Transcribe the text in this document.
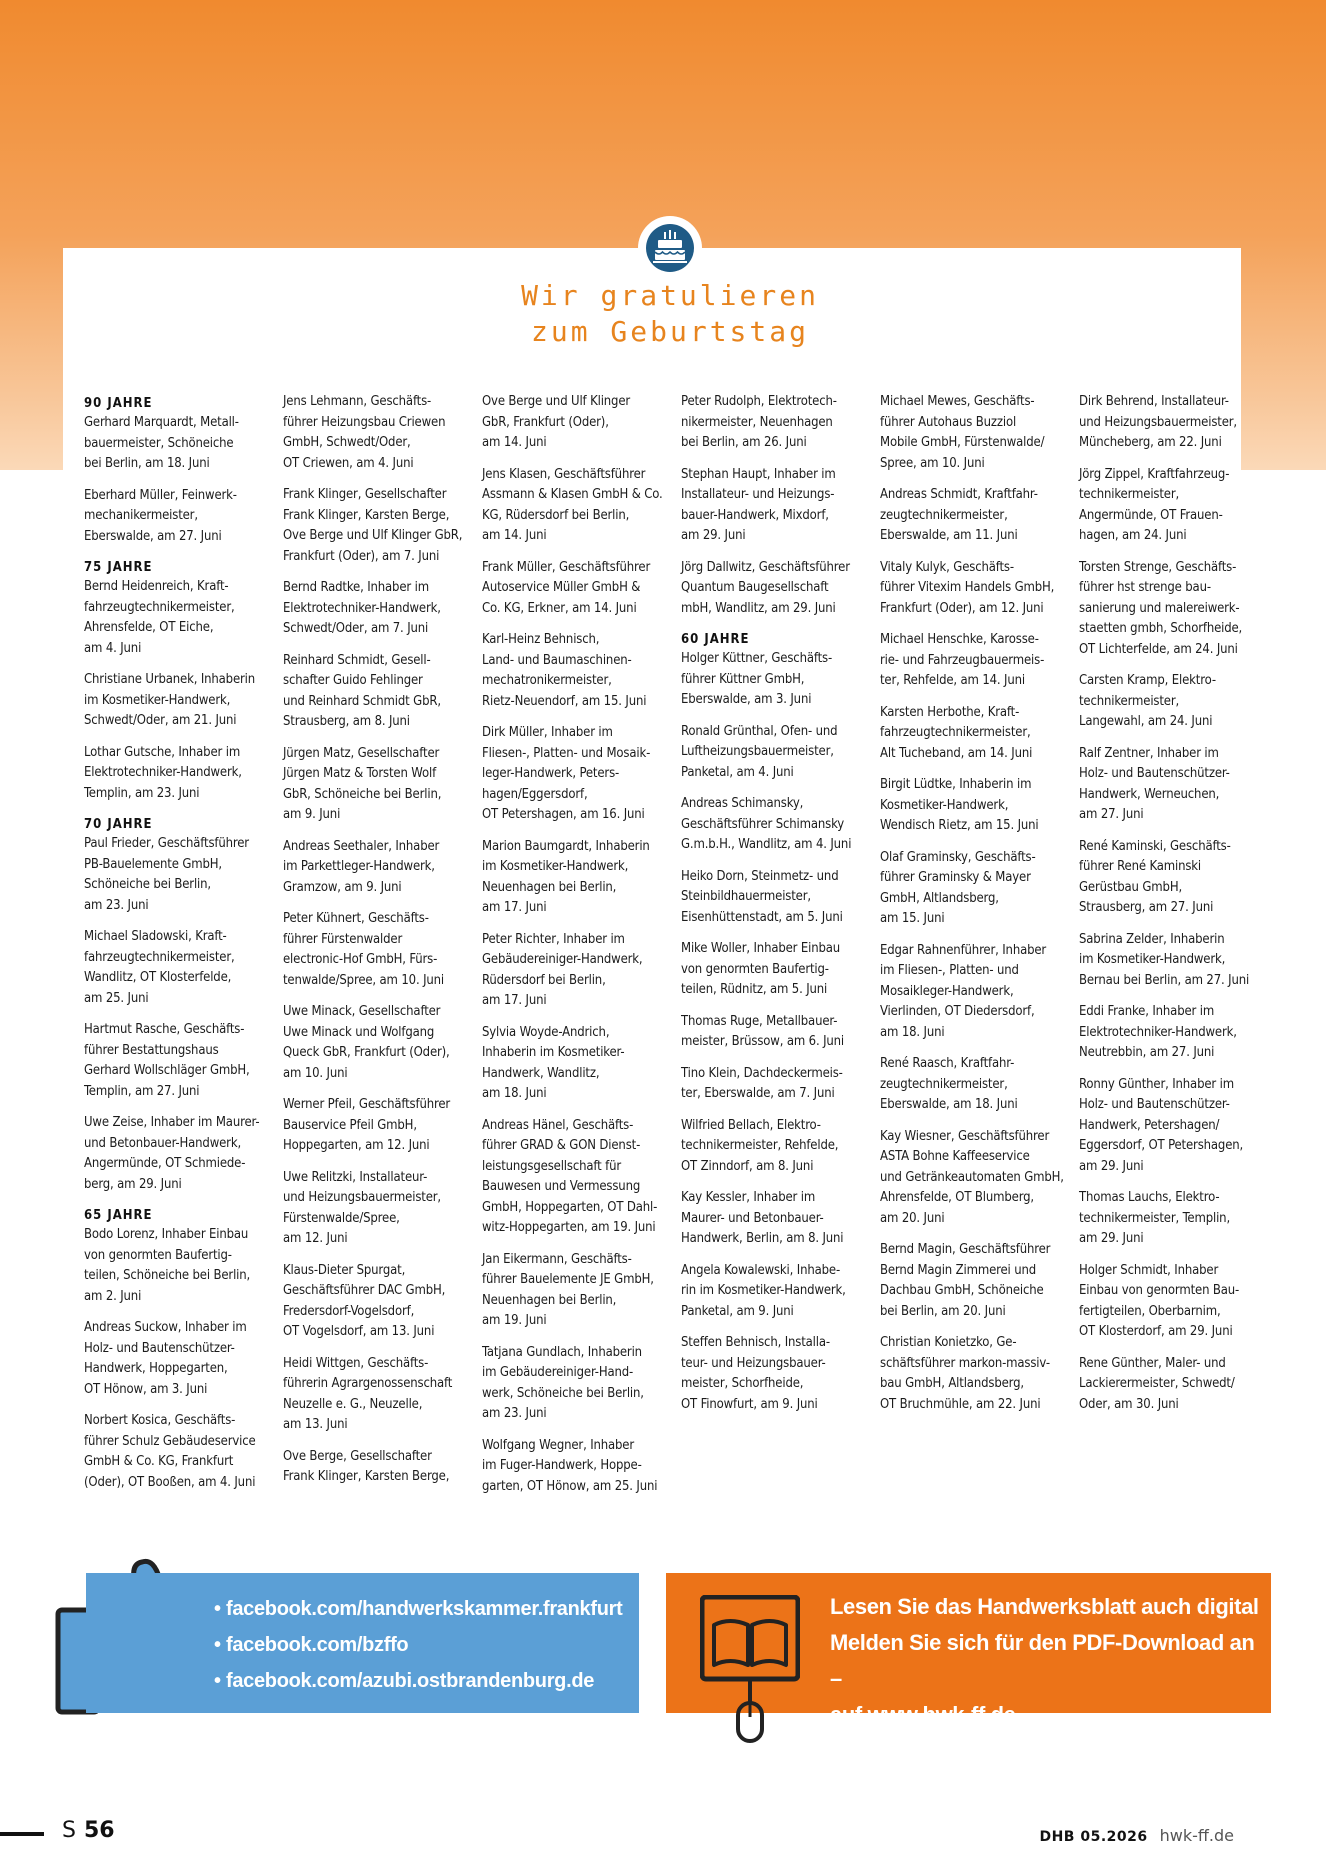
Wir gratulieren
zum Geburtstag
90 JAHRE
Gerhard Marquardt, Metall-
bauermeister, Schöneiche
bei Berlin, am 18. Juni
Eberhard Müller, Feinwerk-
mechanikermeister,
Eberswalde, am 27. Juni
75 JAHRE
Bernd Heidenreich, Kraft-
fahrzeugtechnikermeister,
Ahrensfelde, OT Eiche,
am 4. Juni
Christiane Urbanek, Inhaberin
im Kosmetiker-Handwerk,
Schwedt/Oder, am 21. Juni
Lothar Gutsche, Inhaber im
Elektrotechniker-Handwerk,
Templin, am 23. Juni
70 JAHRE
Paul Frieder, Geschäftsführer
PB-Bauelemente GmbH,
Schöneiche bei Berlin,
am 23. Juni
Michael Sladowski, Kraft-
fahrzeugtechnikermeister,
Wandlitz, OT Klosterfelde,
am 25. Juni
Hartmut Rasche, Geschäfts-
führer Bestattungshaus
Gerhard Wollschläger GmbH,
Templin, am 27. Juni
Uwe Zeise, Inhaber im Maurer-
und Betonbauer-Handwerk,
Angermünde, OT Schmiede-
berg, am 29. Juni
65 JAHRE
Bodo Lorenz, Inhaber Einbau
von genormten Baufertig-
teilen, Schöneiche bei Berlin,
am 2. Juni
Andreas Suckow, Inhaber im
Holz- und Bautenschützer-
Handwerk, Hoppegarten,
OT Hönow, am 3. Juni
Norbert Kosica, Geschäfts-
führer Schulz Gebäudeservice
GmbH & Co. KG, Frankfurt
(Oder), OT Booßen, am 4. Juni
Jens Lehmann, Geschäfts-
führer Heizungsbau Criewen
GmbH, Schwedt/Oder,
OT Criewen, am 4. Juni
Frank Klinger, Gesellschafter
Frank Klinger, Karsten Berge,
Ove Berge und Ulf Klinger GbR,
Frankfurt (Oder), am 7. Juni
Bernd Radtke, Inhaber im
Elektrotechniker-Handwerk,
Schwedt/Oder, am 7. Juni
Reinhard Schmidt, Gesell-
schafter Guido Fehlinger
und Reinhard Schmidt GbR,
Strausberg, am 8. Juni
Jürgen Matz, Gesellschafter
Jürgen Matz & Torsten Wolf
GbR, Schöneiche bei Berlin,
am 9. Juni
Andreas Seethaler, Inhaber
im Parkettleger-Handwerk,
Gramzow, am 9. Juni
Peter Kühnert, Geschäfts-
führer Fürstenwalder
electronic-Hof GmbH, Fürs-
tenwalde/Spree, am 10. Juni
Uwe Minack, Gesellschafter
Uwe Minack und Wolfgang
Queck GbR, Frankfurt (Oder),
am 10. Juni
Werner Pfeil, Geschäftsführer
Bauservice Pfeil GmbH,
Hoppegarten, am 12. Juni
Uwe Relitzki, Installateur-
und Heizungsbauermeister,
Fürstenwalde/Spree,
am 12. Juni
Klaus-Dieter Spurgat,
Geschäftsführer DAC GmbH,
Fredersdorf-Vogelsdorf,
OT Vogelsdorf, am 13. Juni
Heidi Wittgen, Geschäfts-
führerin Agrargenossenschaft
Neuzelle e. G., Neuzelle,
am 13. Juni
Ove Berge, Gesellschafter
Frank Klinger, Karsten Berge,
Ove Berge und Ulf Klinger
GbR, Frankfurt (Oder),
am 14. Juni
Jens Klasen, Geschäftsführer
Assmann & Klasen GmbH & Co.
KG, Rüdersdorf bei Berlin,
am 14. Juni
Frank Müller, Geschäftsführer
Autoservice Müller GmbH &
Co. KG, Erkner, am 14. Juni
Karl-Heinz Behnisch,
Land- und Baumaschinen-
mechatronikermeister,
Rietz-Neuendorf, am 15. Juni
Dirk Müller, Inhaber im
Fliesen-, Platten- und Mosaik-
leger-Handwerk, Peters-
hagen/Eggersdorf,
OT Petershagen, am 16. Juni
Marion Baumgardt, Inhaberin
im Kosmetiker-Handwerk,
Neuenhagen bei Berlin,
am 17. Juni
Peter Richter, Inhaber im
Gebäudereiniger-Handwerk,
Rüdersdorf bei Berlin,
am 17. Juni
Sylvia Woyde-Andrich,
Inhaberin im Kosmetiker-
Handwerk, Wandlitz,
am 18. Juni
Andreas Hänel, Geschäfts-
führer GRAD & GON Dienst-
leistungsgesellschaft für
Bauwesen und Vermessung
GmbH, Hoppegarten, OT Dahl-
witz-Hoppegarten, am 19. Juni
Jan Eikermann, Geschäfts-
führer Bauelemente JE GmbH,
Neuenhagen bei Berlin,
am 19. Juni
Tatjana Gundlach, Inhaberin
im Gebäudereiniger-Hand-
werk, Schöneiche bei Berlin,
am 23. Juni
Wolfgang Wegner, Inhaber
im Fuger-Handwerk, Hoppe-
garten, OT Hönow, am 25. Juni
Peter Rudolph, Elektrotech-
nikermeister, Neuenhagen
bei Berlin, am 26. Juni
Stephan Haupt, Inhaber im
Installateur- und Heizungs-
bauer-Handwerk, Mixdorf,
am 29. Juni
Jörg Dallwitz, Geschäftsführer
Quantum Baugesellschaft
mbH, Wandlitz, am 29. Juni
60 JAHRE
Holger Küttner, Geschäfts-
führer Küttner GmbH,
Eberswalde, am 3. Juni
Ronald Grünthal, Ofen- und
Luftheizungsbauermeister,
Panketal, am 4. Juni
Andreas Schimansky,
Geschäftsführer Schimansky
G.m.b.H., Wandlitz, am 4. Juni
Heiko Dorn, Steinmetz- und
Steinbildhauermeister,
Eisenhüttenstadt, am 5. Juni
Mike Woller, Inhaber Einbau
von genormten Baufertig-
teilen, Rüdnitz, am 5. Juni
Thomas Ruge, Metallbauer-
meister, Brüssow, am 6. Juni
Tino Klein, Dachdeckermeis-
ter, Eberswalde, am 7. Juni
Wilfried Bellach, Elektro-
technikermeister, Rehfelde,
OT Zinndorf, am 8. Juni
Kay Kessler, Inhaber im
Maurer- und Betonbauer-
Handwerk, Berlin, am 8. Juni
Angela Kowalewski, Inhabe-
rin im Kosmetiker-Handwerk,
Panketal, am 9. Juni
Steffen Behnisch, Installa-
teur- und Heizungsbauer-
meister, Schorfheide,
OT Finowfurt, am 9. Juni
Michael Mewes, Geschäfts-
führer Autohaus Buzziol
Mobile GmbH, Fürstenwalde/
Spree, am 10. Juni
Andreas Schmidt, Kraftfahr-
zeugtechnikermeister,
Eberswalde, am 11. Juni
Vitaly Kulyk, Geschäfts-
führer Vitexim Handels GmbH,
Frankfurt (Oder), am 12. Juni
Michael Henschke, Karosse-
rie- und Fahrzeugbauermeis-
ter, Rehfelde, am 14. Juni
Karsten Herbothe, Kraft-
fahrzeugtechnikermeister,
Alt Tucheband, am 14. Juni
Birgit Lüdtke, Inhaberin im
Kosmetiker-Handwerk,
Wendisch Rietz, am 15. Juni
Olaf Graminsky, Geschäfts-
führer Graminsky & Mayer
GmbH, Altlandsberg,
am 15. Juni
Edgar Rahnenführer, Inhaber
im Fliesen-, Platten- und
Mosaikleger-Handwerk,
Vierlinden, OT Diedersdorf,
am 18. Juni
René Raasch, Kraftfahr-
zeugtechnikermeister,
Eberswalde, am 18. Juni
Kay Wiesner, Geschäftsführer
ASTA Bohne Kaffeeservice
und Getränkeautomaten GmbH,
Ahrensfelde, OT Blumberg,
am 20. Juni
Bernd Magin, Geschäftsführer
Bernd Magin Zimmerei und
Dachbau GmbH, Schöneiche
bei Berlin, am 20. Juni
Christian Konietzko, Ge-
schäftsführer markon-massiv-
bau GmbH, Altlandsberg,
OT Bruchmühle, am 22. Juni
Dirk Behrend, Installateur-
und Heizungsbauermeister,
Müncheberg, am 22. Juni
Jörg Zippel, Kraftfahrzeug-
technikermeister,
Angermünde, OT Frauen-
hagen, am 24. Juni
Torsten Strenge, Geschäfts-
führer hst strenge bau-
sanierung und malereiwerk-
staetten gmbh, Schorfheide,
OT Lichterfelde, am 24. Juni
Carsten Kramp, Elektro-
technikermeister,
Langewahl, am 24. Juni
Ralf Zentner, Inhaber im
Holz- und Bautenschützer-
Handwerk, Werneuchen,
am 27. Juni
René Kaminski, Geschäfts-
führer René Kaminski
Gerüstbau GmbH,
Strausberg, am 27. Juni
Sabrina Zelder, Inhaberin
im Kosmetiker-Handwerk,
Bernau bei Berlin, am 27. Juni
Eddi Franke, Inhaber im
Elektrotechniker-Handwerk,
Neutrebbin, am 27. Juni
Ronny Günther, Inhaber im
Holz- und Bautenschützer-
Handwerk, Petershagen/
Eggersdorf, OT Petershagen,
am 29. Juni
Thomas Lauchs, Elektro-
technikermeister, Templin,
am 29. Juni
Holger Schmidt, Inhaber
Einbau von genormten Bau-
fertigteilen, Oberbarnim,
OT Klosterdorf, am 29. Juni
Rene Günther, Maler- und
Lackierermeister, Schwedt/
Oder, am 30. Juni
• facebook.com/handwerkskammer.frankfurt
• facebook.com/bzffo
• facebook.com/azubi.ostbrandenburg.de
Lesen Sie das Handwerksblatt auch digital
Melden Sie sich für den PDF-Download an –
auf www.hwk-ff.de
S 56	DHB 05.2026 hwk-ff.de
